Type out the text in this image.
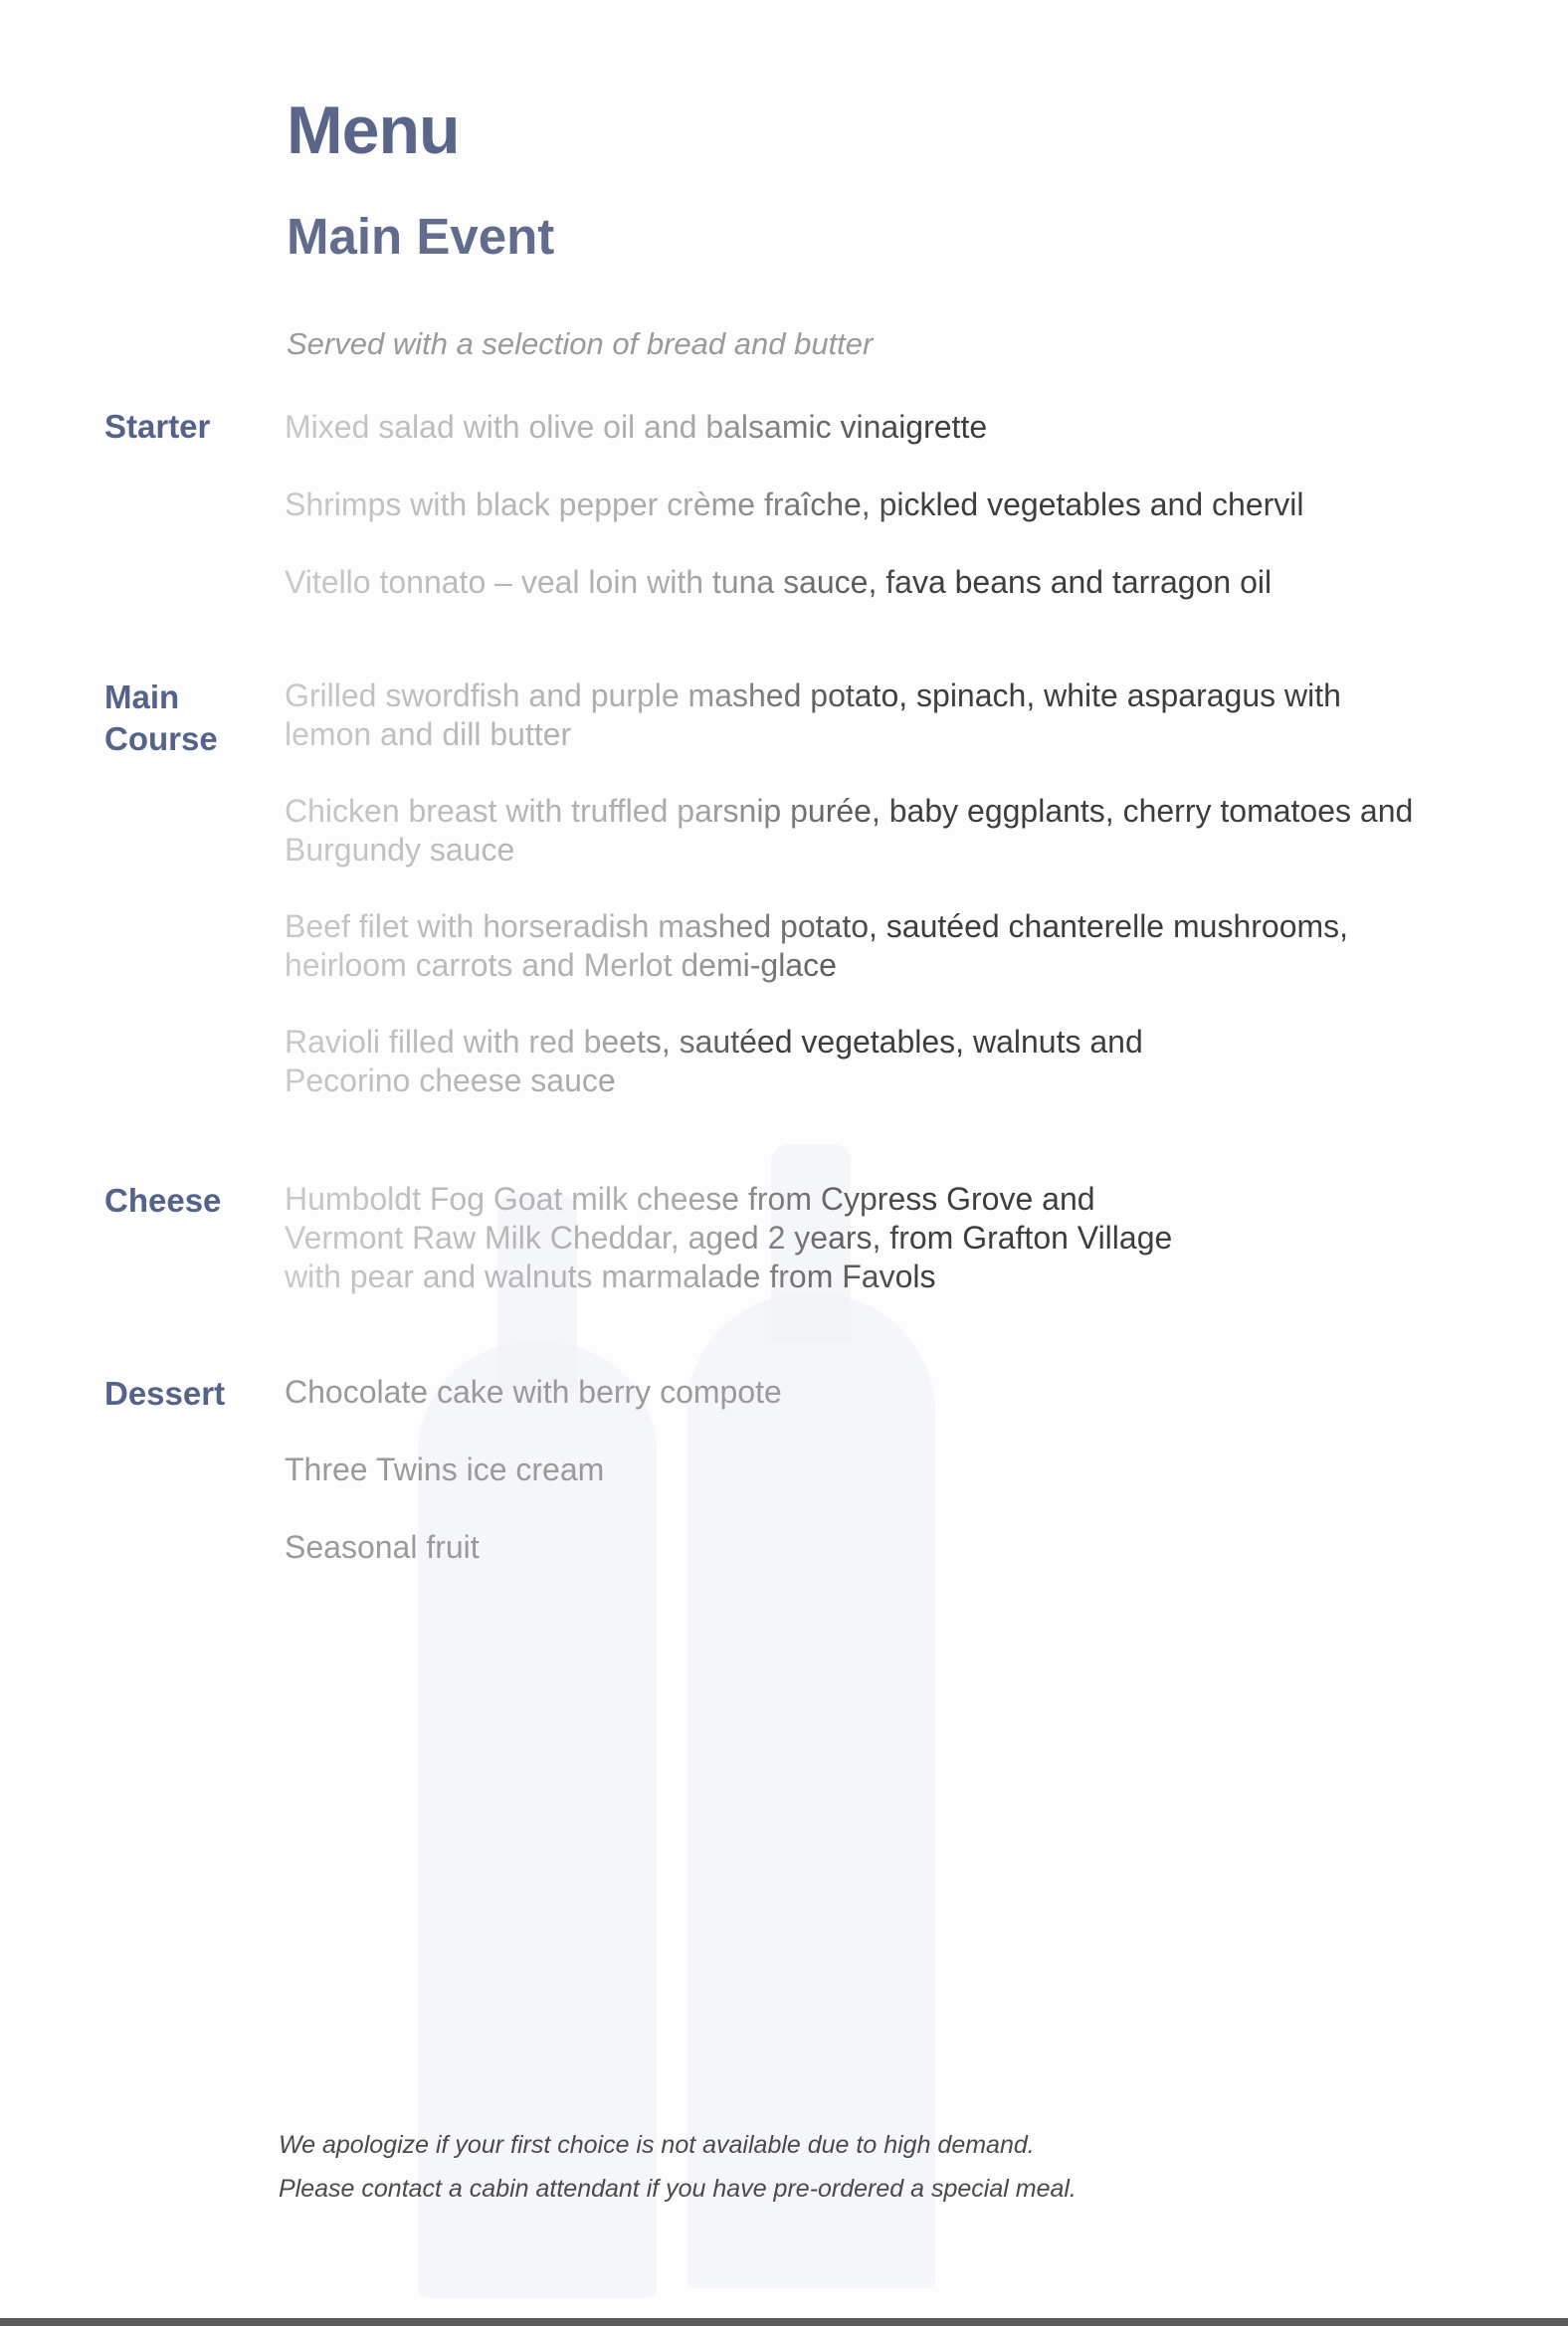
Menu
Main Event
Served with a selection of bread and butter
Starter	Mixed salad with olive oil and balsamic vinaigrette
Shrimps with black pepper crème fraîche, pickled vegetables and chervil
Vitello tonnato – veal loin with tuna sauce, fava beans and tarragon oil
Main
Course
Grilled swordfish and purple mashed potato, spinach, white asparagus with lemon and dill butter
Chicken breast with truffled parsnip purée, baby eggplants, cherry tomatoes and Burgundy sauce
Beef filet with horseradish mashed potato, sautéed chanterelle mushrooms, heirloom carrots and Merlot demi-glace
Ravioli filled with red beets, sautéed vegetables, walnuts and Pecorino cheese sauce
Cheese	Humboldt Fog Goat milk cheese from Cypress Grove and
Vermont Raw Milk Cheddar, aged 2 years, from Grafton Village
with pear and walnuts marmalade from Favols
Dessert	Chocolate cake with berry compote
Three Twins ice cream
Seasonal fruit
We apologize if your first choice is not available due to high demand.
Please contact a cabin attendant if you have pre-ordered a special meal.
